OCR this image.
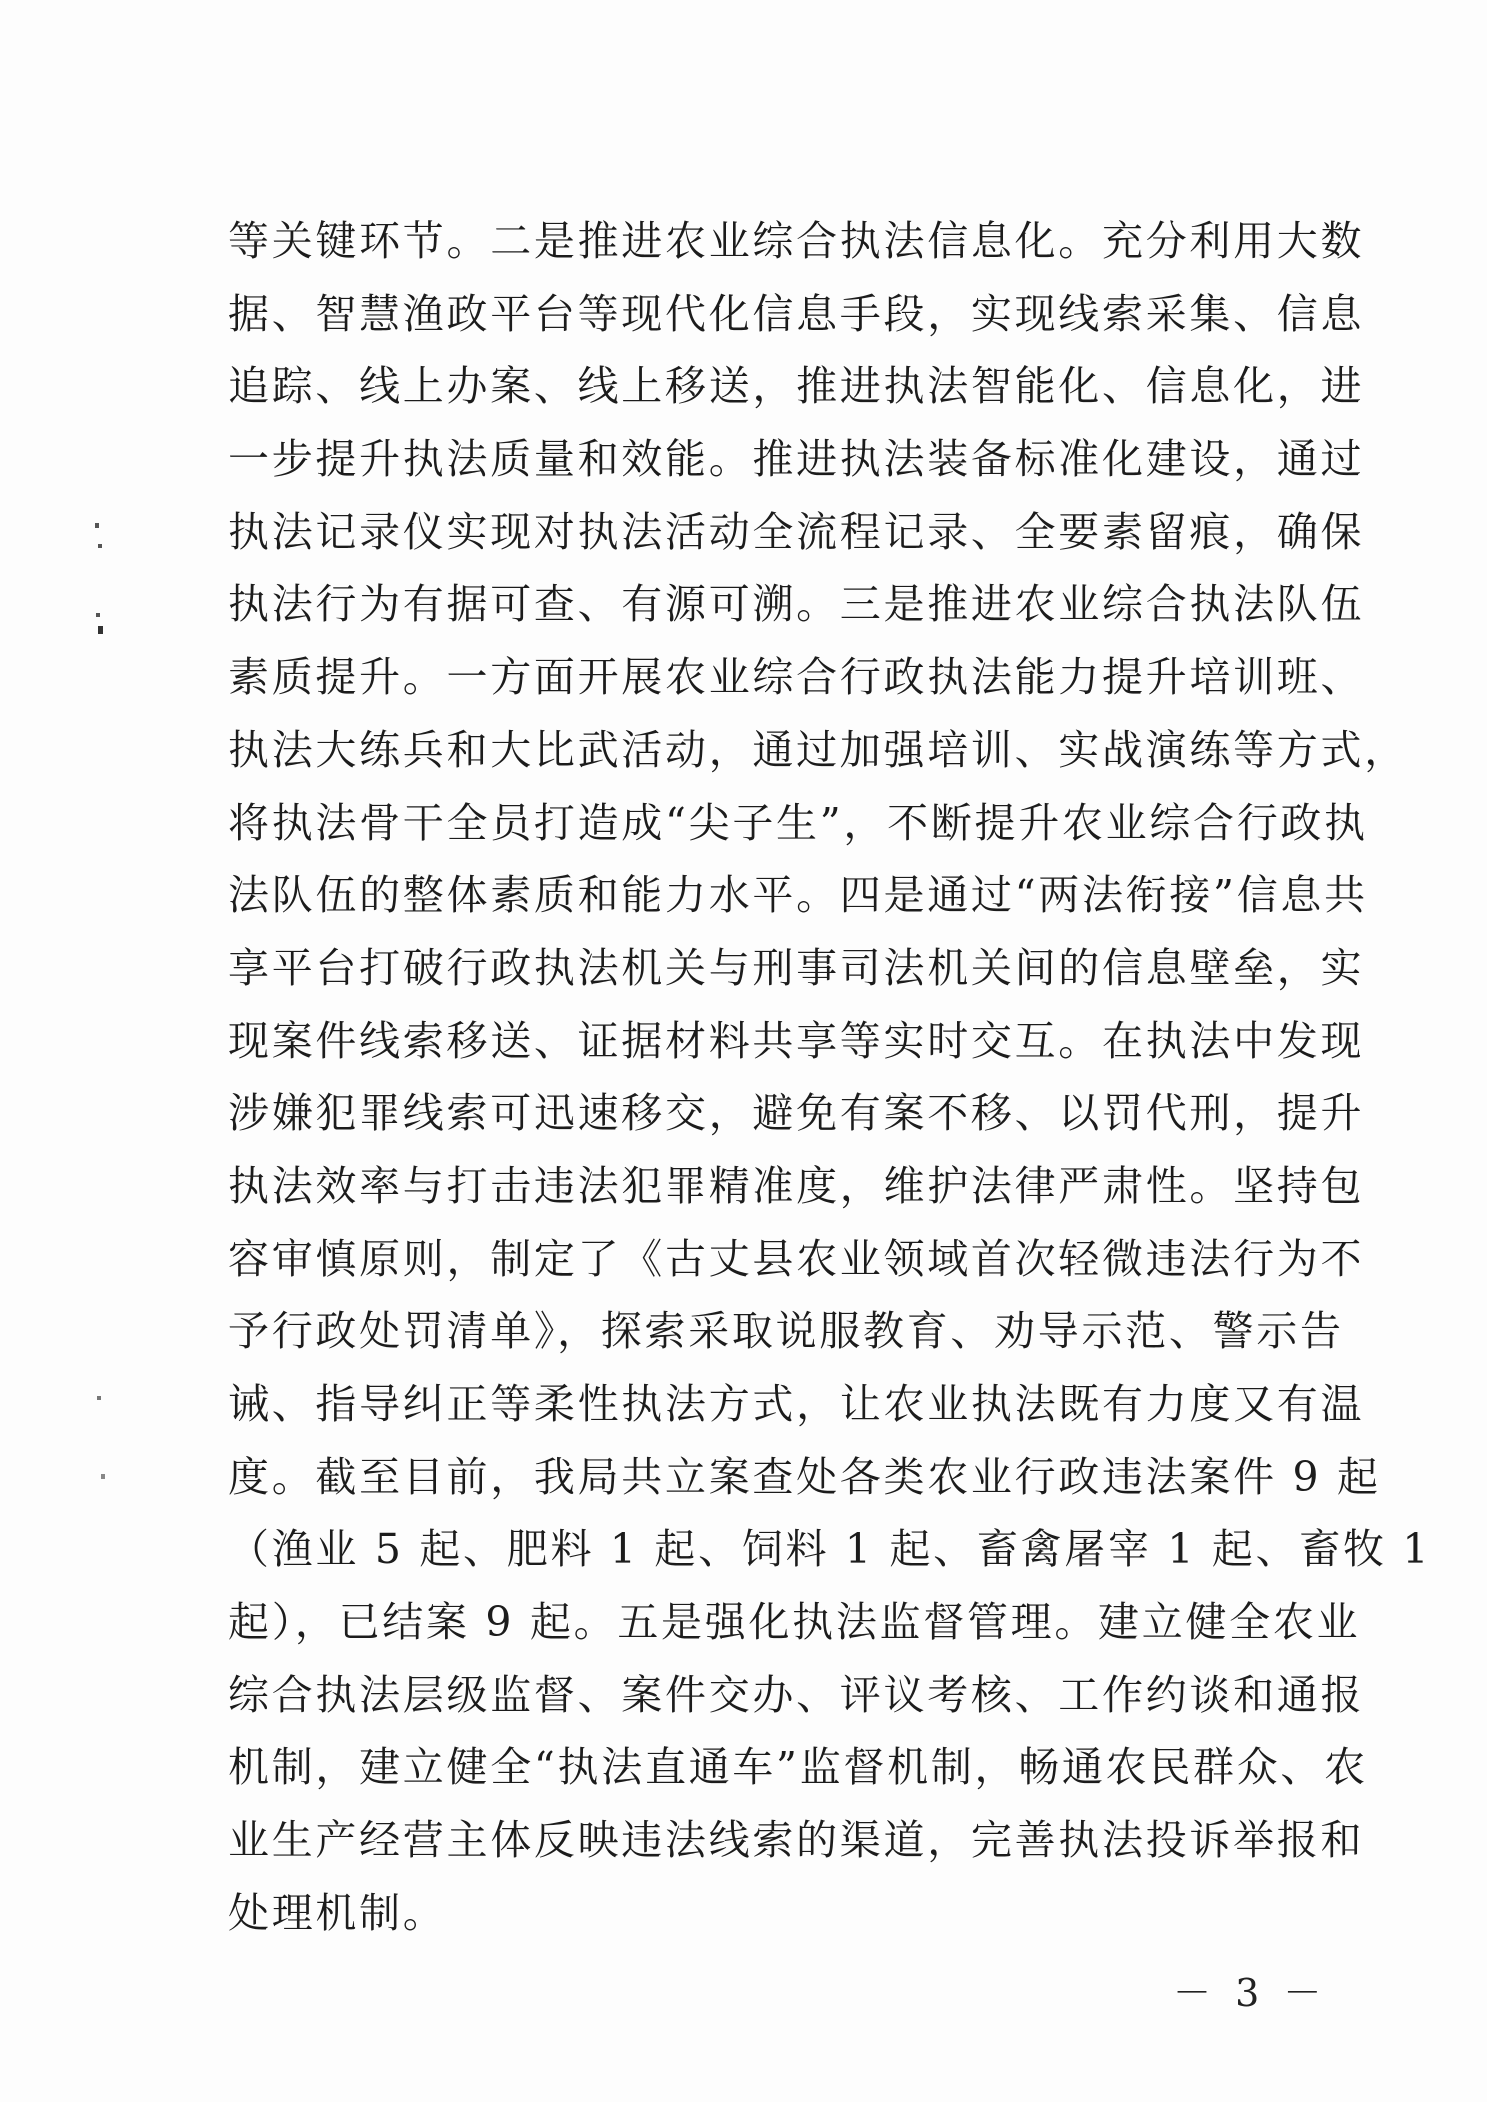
等关键环节。二是推进农业综合执法信息化。充分利用大数
据、智慧渔政平台等现代化信息手段，实现线索采集、信息
追踪、线上办案、线上移送，推进执法智能化、信息化，进
一步提升执法质量和效能。推进执法装备标准化建设，通过
执法记录仪实现对执法活动全流程记录、全要素留痕，确保
执法行为有据可查、有源可溯。三是推进农业综合执法队伍
素质提升。一方面开展农业综合行政执法能力提升培训班、
执法大练兵和大比武活动，通过加强培训、实战演练等方式，
将执法骨干全员打造成“尖子生”，不断提升农业综合行政执
法队伍的整体素质和能力水平。四是通过“两法衔接”信息共
享平台打破行政执法机关与刑事司法机关间的信息壁垒，实
现案件线索移送、证据材料共享等实时交互。在执法中发现
涉嫌犯罪线索可迅速移交，避免有案不移、以罚代刑，提升
执法效率与打击违法犯罪精准度，维护法律严肃性。坚持包
容审慎原则，制定了《古丈县农业领域首次轻微违法行为不
予行政处罚清单》，探索采取说服教育、劝导示范、警示告
诫、指导纠正等柔性执法方式，让农业执法既有力度又有温
度。截至目前，我局共立案查处各类农业行政违法案件 9 起
（渔业 5 起、肥料 1 起、饲料 1 起、畜禽屠宰 1 起、畜牧 1
起），已结案 9 起。五是强化执法监督管理。建立健全农业
综合执法层级监督、案件交办、评议考核、工作约谈和通报
机制，建立健全“执法直通车”监督机制，畅通农民群众、农
业生产经营主体反映违法线索的渠道，完善执法投诉举报和
处理机制。
－ 3 －
